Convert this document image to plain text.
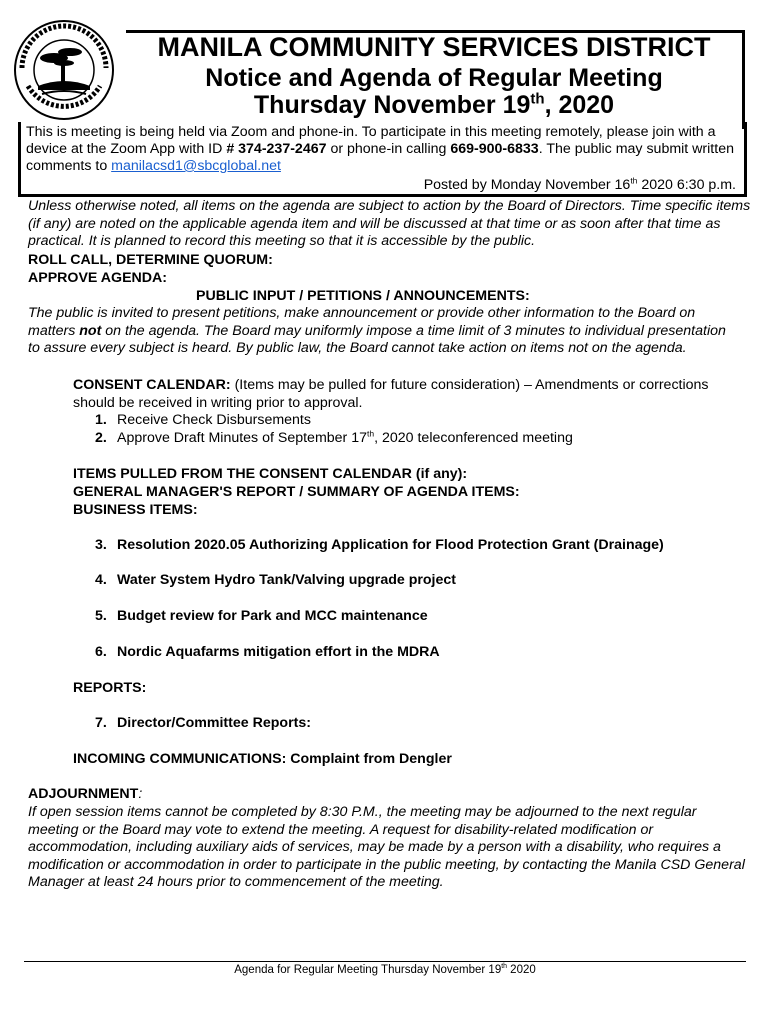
MANILA COMMUNITY SERVICES DISTRICT
Notice and Agenda of Regular Meeting
Thursday November 19th, 2020
This is meeting is being held via Zoom and phone-in. To participate in this meeting remotely, please join with a device at the Zoom App with ID # 374-237-2467 or phone-in calling 669-900-6833. The public may submit written comments to manilacsd1@sbcglobal.net
Posted by Monday November 16th 2020 6:30 p.m.
Unless otherwise noted, all items on the agenda are subject to action by the Board of Directors. Time specific items (if any) are noted on the applicable agenda item and will be discussed at that time or as soon after that time as practical. It is planned to record this meeting so that it is accessible by the public.
ROLL CALL, DETERMINE QUORUM:
APPROVE AGENDA:
PUBLIC INPUT / PETITIONS / ANNOUNCEMENTS:
The public is invited to present petitions, make announcement or provide other information to the Board on matters not on the agenda. The Board may uniformly impose a time limit of 3 minutes to individual presentation to assure every subject is heard. By public law, the Board cannot take action on items not on the agenda.
CONSENT CALENDAR: (Items may be pulled for future consideration) – Amendments or corrections should be received in writing prior to approval.
1. Receive Check Disbursements
2. Approve Draft Minutes of September 17th, 2020 teleconferenced meeting
ITEMS PULLED FROM THE CONSENT CALENDAR (if any):
GENERAL MANAGER'S REPORT / SUMMARY OF AGENDA ITEMS:
BUSINESS ITEMS:
3. Resolution 2020.05 Authorizing Application for Flood Protection Grant (Drainage)
4. Water System Hydro Tank/Valving upgrade project
5. Budget review for Park and MCC maintenance
6. Nordic Aquafarms mitigation effort in the MDRA
REPORTS:
7. Director/Committee Reports:
INCOMING COMMUNICATIONS: Complaint from Dengler
ADJOURNMENT:
If open session items cannot be completed by 8:30 P.M., the meeting may be adjourned to the next regular meeting or the Board may vote to extend the meeting. A request for disability-related modification or accommodation, including auxiliary aids of services, may be made by a person with a disability, who requires a modification or accommodation in order to participate in the public meeting, by contacting the Manila CSD General Manager at least 24 hours prior to commencement of the meeting.
Agenda for Regular Meeting Thursday November 19th 2020
